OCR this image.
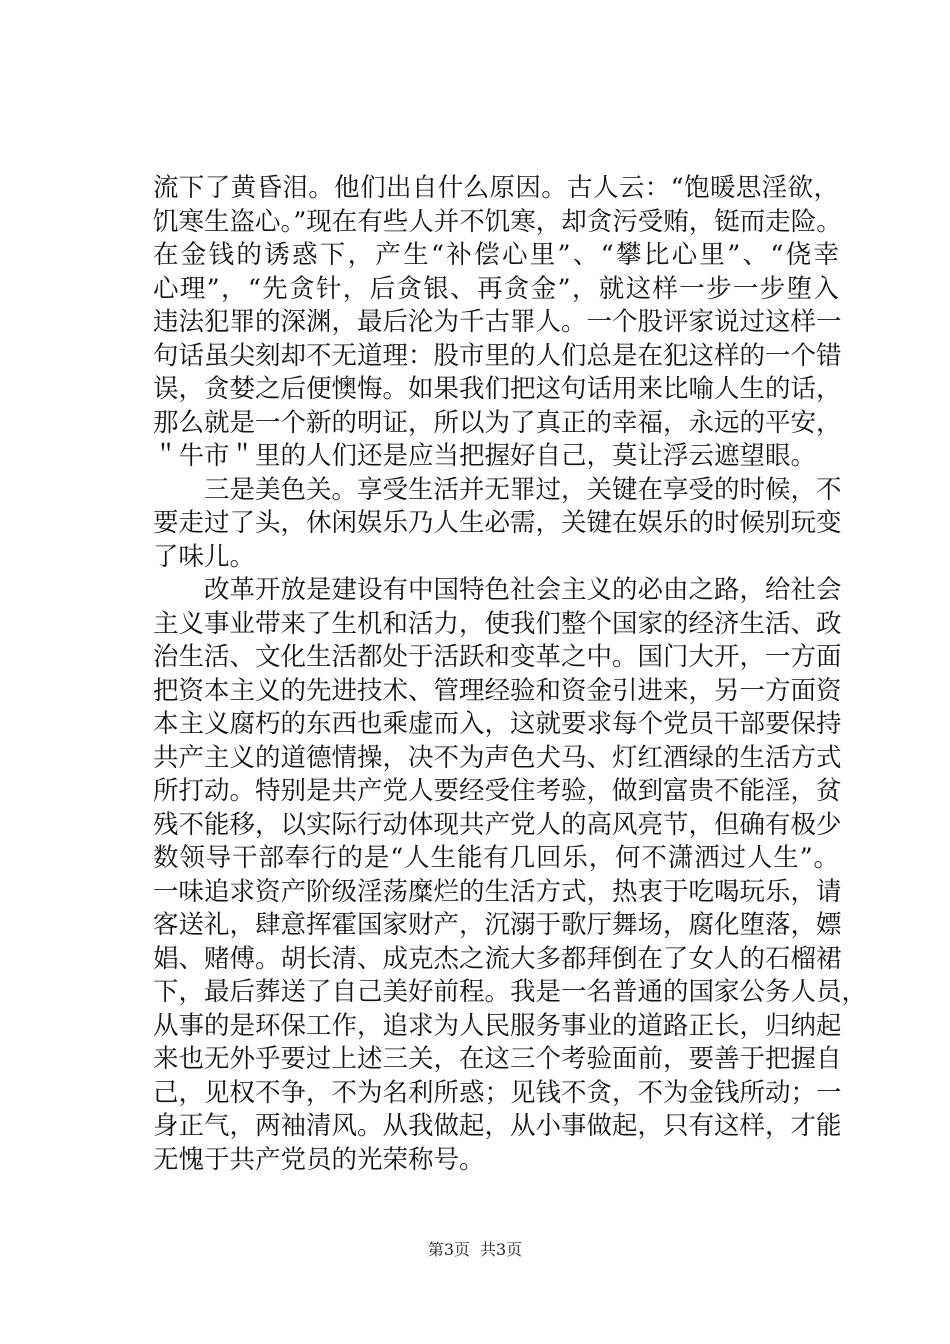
流下了黄昏泪。他们出自什么原因。古人云：“饱暖思淫欲，
饥寒生盗心。”现在有些人并不饥寒，却贪污受贿，铤而走险。
在金钱的诱惑下，产生“补偿心里”、“攀比心里”、“侥幸
心理”，“先贪针，后贪银、再贪金”，就这样一步一步堕入
违法犯罪的深渊，最后沦为千古罪人。一个股评家说过这样一
句话虽尖刻却不无道理：股市里的人们总是在犯这样的一个错
误，贪婪之后便懊悔。如果我们把这句话用来比喻人生的话，
那么就是一个新的明证，所以为了真正的幸福，永远的平安，
＂牛市＂里的人们还是应当把握好自己，莫让浮云遮望眼。
三是美色关。享受生活并无罪过，关键在享受的时候，不
要走过了头，休闲娱乐乃人生必需，关键在娱乐的时候别玩变
了味儿。
改革开放是建设有中国特色社会主义的必由之路，给社会
主义事业带来了生机和活力，使我们整个国家的经济生活、政
治生活、文化生活都处于活跃和变革之中。国门大开，一方面
把资本主义的先进技术、管理经验和资金引进来，另一方面资
本主义腐朽的东西也乘虚而入，这就要求每个党员干部要保持
共产主义的道德情操，决不为声色犬马、灯红酒绿的生活方式
所打动。特别是共产党人要经受住考验，做到富贵不能淫，贫
残不能移，以实际行动体现共产党人的高风亮节，但确有极少
数领导干部奉行的是“人生能有几回乐，何不潇洒过人生”。
一味追求资产阶级淫荡糜烂的生活方式，热衷于吃喝玩乐，请
客送礼，肆意挥霍国家财产，沉溺于歌厅舞场，腐化堕落，嫖
娼、赌傅。胡长清、成克杰之流大多都拜倒在了女人的石榴裙
下，最后葬送了自己美好前程。我是一名普通的国家公务人员，
从事的是环保工作，追求为人民服务事业的道路正长，归纳起
来也无外乎要过上述三关，在这三个考验面前，要善于把握自
己，见权不争，不为名利所惑；见钱不贪，不为金钱所动；一
身正气，两袖清风。从我做起，从小事做起，只有这样，才能
无愧于共产党员的光荣称号。
第3页 共3页
